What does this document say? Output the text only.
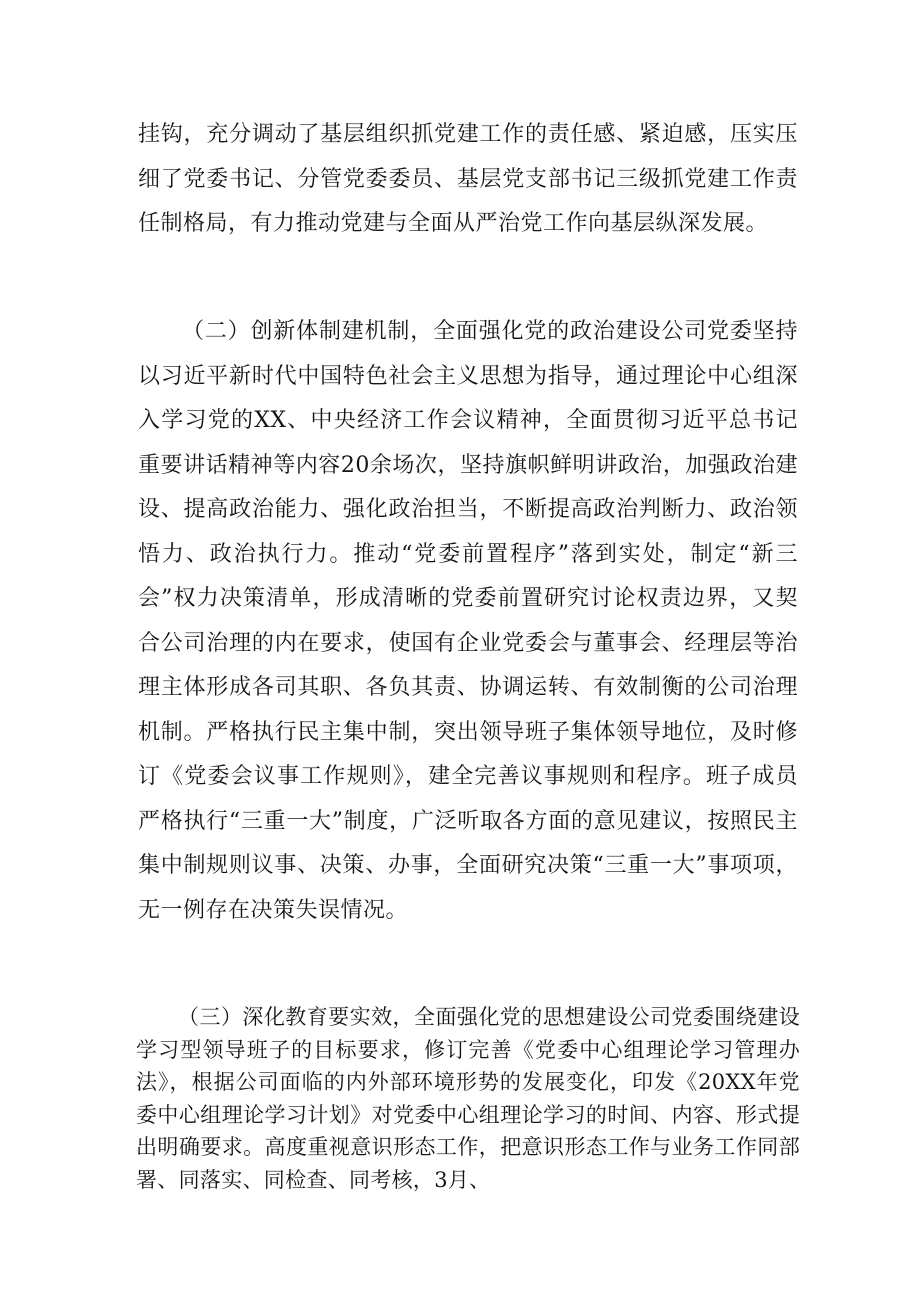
挂钩，充分调动了基层组织抓党建工作的责任感、紧迫感，压实压细了党委书记、分管党委委员、基层党支部书记三级抓党建工作责任制格局，有力推动党建与全面从严治党工作向基层纵深发展。

（二）创新体制建机制，全面强化党的政治建设公司党委坚持以习近平新时代中国特色社会主义思想为指导，通过理论中心组深入学习党的XX、中央经济工作会议精神，全面贯彻习近平总书记重要讲话精神等内容20余场次，坚持旗帜鲜明讲政治，加强政治建设、提高政治能力、强化政治担当，不断提高政治判断力、政治领悟力、政治执行力。推动“党委前置程序”落到实处，制定“新三会”权力决策清单，形成清晰的党委前置研究讨论权责边界，又契合公司治理的内在要求，使国有企业党委会与董事会、经理层等治理主体形成各司其职、各负其责、协调运转、有效制衡的公司治理机制。严格执行民主集中制，突出领导班子集体领导地位，及时修订《党委会议事工作规则》，建全完善议事规则和程序。班子成员严格执行“三重一大”制度，广泛听取各方面的意见建议，按照民主集中制规则议事、决策、办事，全面研究决策“三重一大”事项项，无一例存在决策失误情况。

（三）深化教育要实效，全面强化党的思想建设公司党委围绕建设学习型领导班子的目标要求，修订完善《党委中心组理论学习管理办法》，根据公司面临的内外部环境形势的发展变化，印发《20XX年党委中心组理论学习计划》对党委中心组理论学习的时间、内容、形式提出明确要求。高度重视意识形态工作，把意识形态工作与业务工作同部署、同落实、同检查、同考核，3月、
